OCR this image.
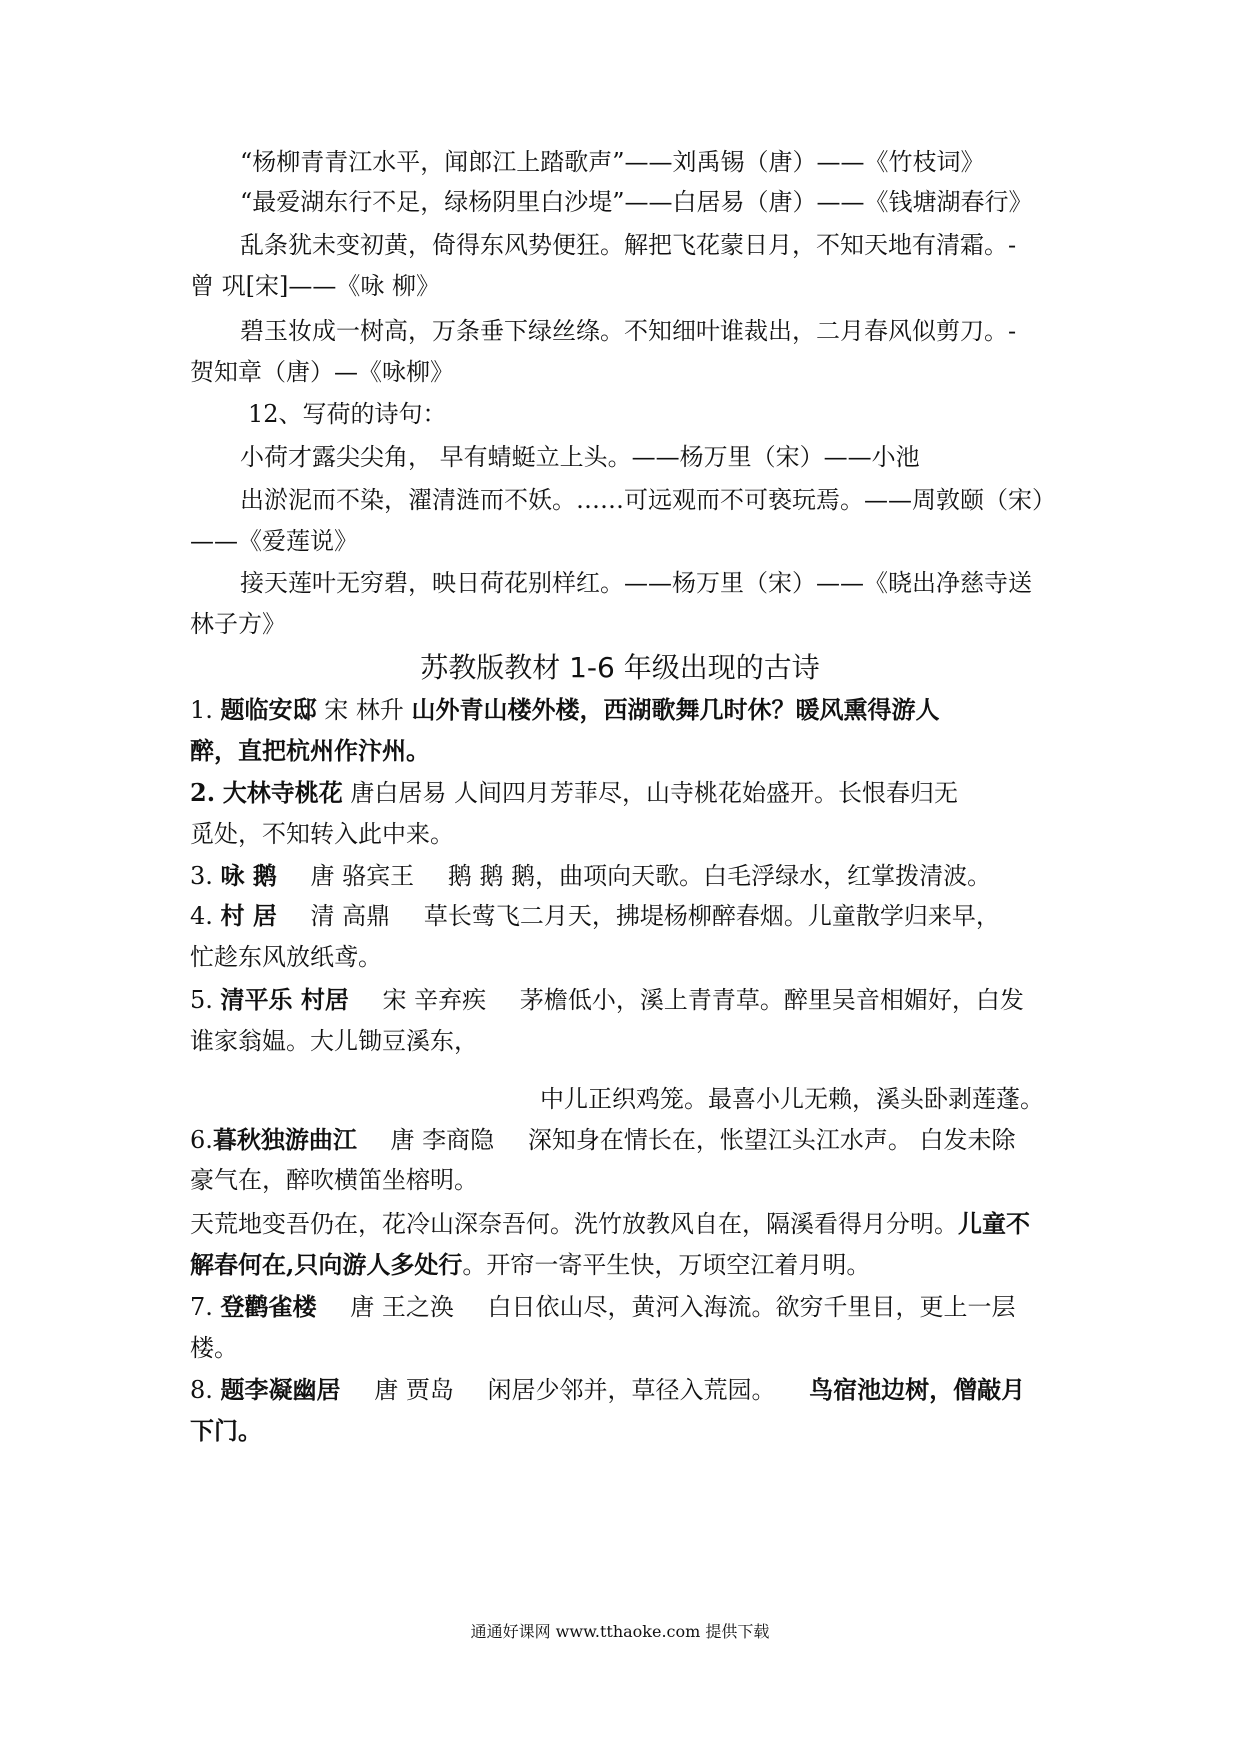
“杨柳青青江水平，闻郎江上踏歌声”——刘禹锡（唐）——《竹枝词》
“最爱湖东行不足，绿杨阴里白沙堤”——白居易（唐）——《钱塘湖春行》
乱条犹未变初黄，倚得东风势便狂。解把飞花蒙日月，不知天地有清霜。-
曾 巩[宋]——《咏 柳》
碧玉妆成一树高，万条垂下绿丝绦。不知细叶谁裁出，二月春风似剪刀。-
贺知章（唐）—《咏柳》
12、写荷的诗句：
小荷才露尖尖角， 早有蜻蜓立上头。——杨万里（宋）——小池
出淤泥而不染，濯清涟而不妖。……可远观而不可亵玩焉。——周敦颐（宋）
——《爱莲说》
接天莲叶无穷碧，映日荷花别样红。——杨万里（宋）——《晓出净慈寺送
林子方》
苏教版教材 1-6 年级出现的古诗
1. 题临安邸 宋 林升 山外青山楼外楼，西湖歌舞几时休？暖风熏得游人
醉，直把杭州作汴州。
2. 大林寺桃花 唐白居易 人间四月芳菲尽，山寺桃花始盛开。长恨春归无
觅处，不知转入此中来。
3. 咏 鹅 唐 骆宾王 鹅 鹅 鹅，曲项向天歌。白毛浮绿水，红掌拨清波。
4. 村 居 清 高鼎 草长莺飞二月天，拂堤杨柳醉春烟。儿童散学归来早，
忙趁东风放纸鸢。
5. 清平乐 村居 宋 辛弃疾 茅檐低小，溪上青青草。醉里吴音相媚好，白发
谁家翁媪。大儿锄豆溪东，
中儿正织鸡笼。最喜小儿无赖，溪头卧剥莲蓬。
6.暮秋独游曲江 唐 李商隐 深知身在情长在，怅望江头江水声。 白发未除
豪气在，醉吹横笛坐榕明。
天荒地变吾仍在，花冷山深奈吾何。洗竹放教风自在，隔溪看得月分明。儿童不
解春何在,只向游人多处行。开帘一寄平生快，万顷空江着月明。
7. 登鹳雀楼 唐 王之涣 白日依山尽，黄河入海流。欲穷千里目，更上一层
楼。
8. 题李凝幽居 唐 贾岛 闲居少邻并，草径入荒园。 鸟宿池边树，僧敲月
下门。
通通好课网 www.tthaoke.com 提供下载
